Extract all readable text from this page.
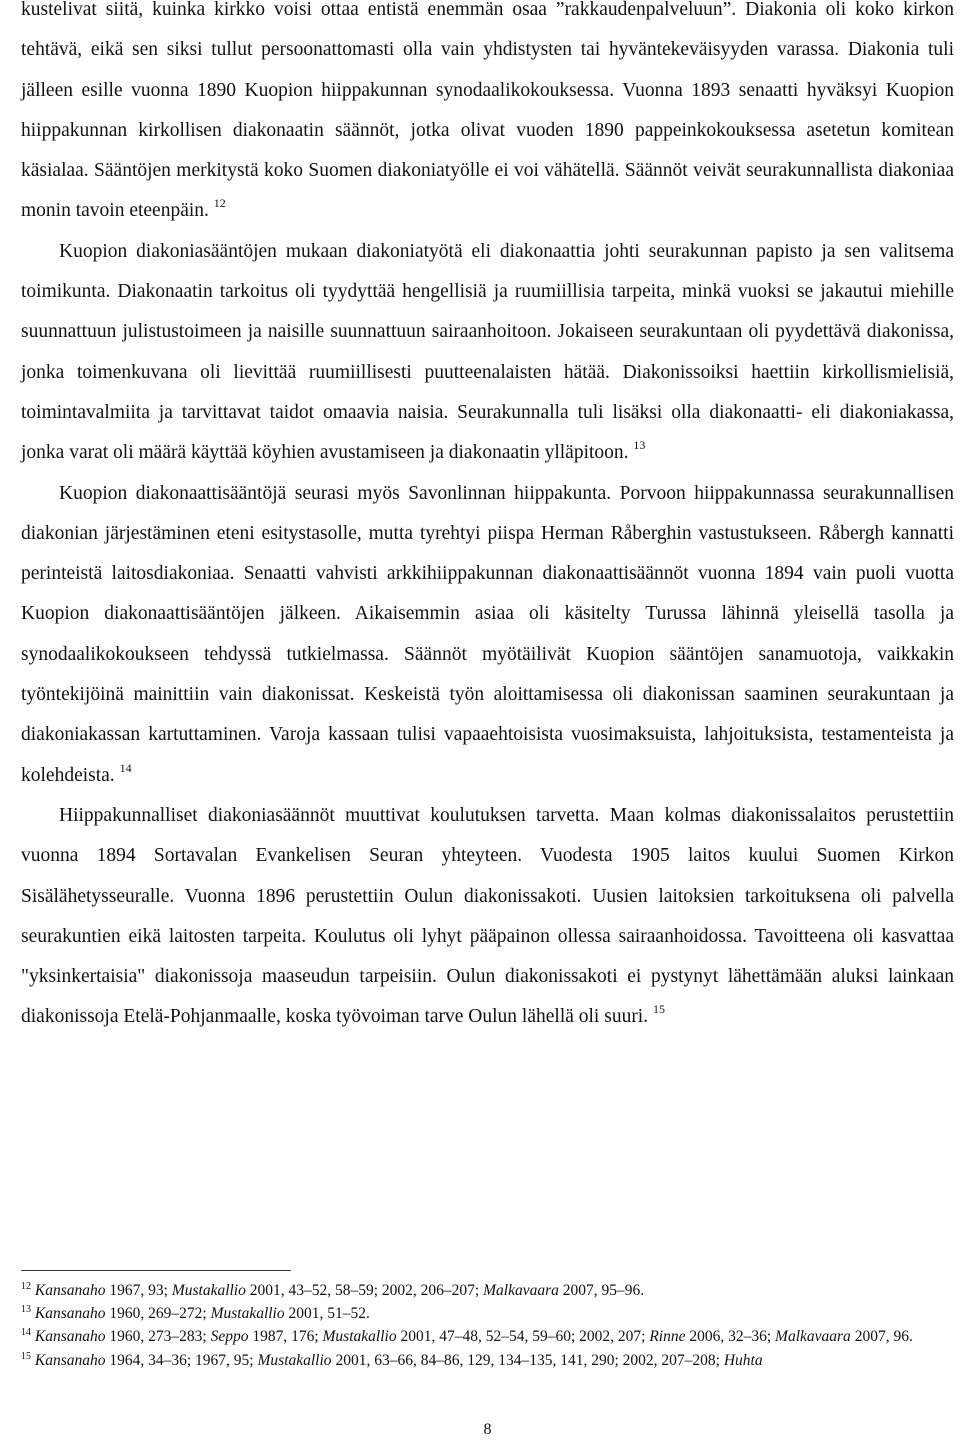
kustelivat siitä, kuinka kirkko voisi ottaa entistä enemmän osaa ”rakkaudenpalveluun”. Diakonia oli koko kirkon tehtävä, eikä sen siksi tullut persoonattomasti olla vain yhdistysten tai hyväntekeväisyyden varassa. Diakonia tuli jälleen esille vuonna 1890 Kuopion hiippakunnan synodaalikokouksessa. Vuonna 1893 senaatti hyväksyi Kuopion hiippakunnan kirkollisen diakonaatin säännöt, jotka olivat vuoden 1890 pappeinkokouksessa asetetun komitean käsialaa. Sääntöjen merkitystä koko Suomen diakoniatyölle ei voi vähätellä. Säännöt veivät seurakunnallista diakoniaa monin tavoin eteenpäin. $^{12}$

Kuopion diakoniasääntöjen mukaan diakoniatyötä eli diakonaattia johti seurakunnan papisto ja sen valitsema toimikunta. Diakonaatin tarkoitus oli tyydyttää hengellisiä ja ruumiillisia tarpeita, minkä vuoksi se jakautui miehille suunnattuun julistustoimeen ja naisille suunnattuun sairaanhoitoon. Jokaiseen seurakuntaan oli pyydettävä diakonissa, jonka toimenkuvana oli lievittää ruumiillisesti puutteenalaisten hätää. Diakonissoiksi haettiin kirkollismielisiä, toimintavalmiita ja tarvittavat taidot omaavia naisia. Seurakunnalla tuli lisäksi olla diakonaatti- eli diakoniakassa, jonka varat oli määrä käyttää köyhien avustamiseen ja diakonaatin ylläpitoon. $^{13}$

Kuopion diakonaattisääntöjä seurasi myös Savonlinnan hiippakunta. Porvoon hiippakunnassa seurakunnallisen diakonian järjestäminen eteni esitystasolle, mutta tyrehtyi piispa Herman Råberghin vastustukseen. Råbergh kannatti perinteistä laitosdiakoniaa. Senaatti vahvisti arkkihiippakunnan diakonaattisäännöt vuonna 1894 vain puoli vuotta Kuopion diakonaattisääntöjen jälkeen. Aikaisemmin asiaa oli käsitelty Turussa lähinnä yleisellä tasolla ja synodaalikokoukseen tehdyssä tutkielmassa. Säännöt myötäilivät Kuopion sääntöjen sanamuotoja, vaikkakin työntekijöinä mainittiin vain diakonissat. Keskeistä työn aloittamisessa oli diakonissan saaminen seurakuntaan ja diakoniakassan kartuttaminen. Varoja kassaan tulisi vapaaehtoisista vuosimaksuista, lahjoituksista, testamenteista ja kolehdeista. $^{14}$

Hiippakunnalliset diakoniasäännöt muuttivat koulutuksen tarvetta. Maan kolmas diakonissalaitos perustettiin vuonna 1894 Sortavalan Evankelisen Seuran yhteyteen. Vuodesta 1905 laitos kuului Suomen Kirkon Sisälähetysseuralle. Vuonna 1896 perustettiin Oulun diakonissakoti. Uusien laitoksien tarkoituksena oli palvella seurakuntien eikä laitosten tarpeita. Koulutus oli lyhyt pääpainon ollessa sairaanhoidossa. Tavoitteena oli kasvattaa "yksinkertaisia" diakonissoja maaseudun tarpeisiin. Oulun diakonissakoti ei pystynyt lähettämään aluksi lainkaan diakonissoja Etelä-Pohjanmaalle, koska työvoiman tarve Oulun lähellä oli suuri. $^{15}$

$^{12}$ Kansanaho 1967, 93; Mustakallio 2001, 43–52, 58–59; 2002, 206–207; Malkavaara 2007, 95–96.

$^{13}$ Kansanaho 1960, 269–272; Mustakallio 2001, 51–52.

$^{14}$ Kansanaho 1960, 273–283; Seppo 1987, 176; Mustakallio 2001, 47–48, 52–54, 59–60; 2002, 207; Rinne 2006, 32–36; Malkavaara 2007, 96.

$^{15}$ Kansanaho 1964, 34–36; 1967, 95; Mustakallio 2001, 63–66, 84–86, 129, 134–135, 141, 290; 2002, 207–208; Huhta

8
